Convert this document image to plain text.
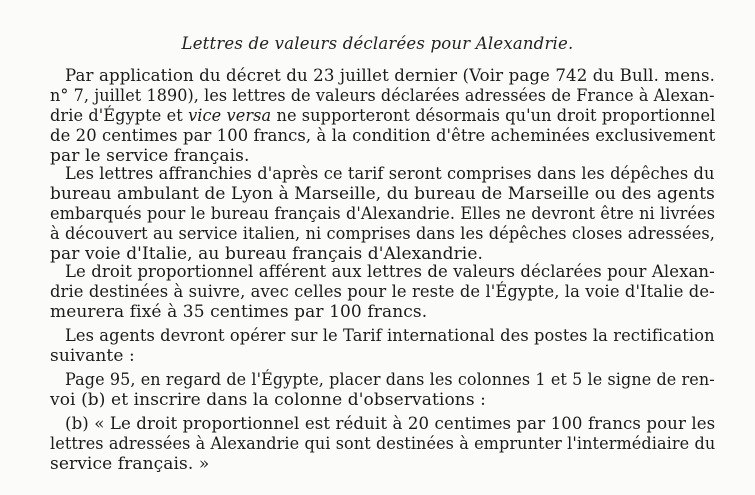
Lettres de valeurs déclarées pour Alexandrie.
Par application du décret du 23 juillet dernier (Voir page 742 du Bull. mens.
n° 7, juillet 1890), les lettres de valeurs déclarées adressées de France à Alexan-
drie d'Égypte et vice versa ne supporteront désormais qu'un droit proportionnel
de 20 centimes par 100 francs, à la condition d'être acheminées exclusivement
par le service français.
Les lettres affranchies d'après ce tarif seront comprises dans les dépêches du
bureau ambulant de Lyon à Marseille, du bureau de Marseille ou des agents
embarqués pour le bureau français d'Alexandrie. Elles ne devront être ni livrées
à découvert au service italien, ni comprises dans les dépêches closes adressées,
par voie d'Italie, au bureau français d'Alexandrie.
Le droit proportionnel afférent aux lettres de valeurs déclarées pour Alexan-
drie destinées à suivre, avec celles pour le reste de l'Égypte, la voie d'Italie de-
meurera fixé à 35 centimes par 100 francs.
Les agents devront opérer sur le Tarif international des postes la rectification
suivante :
Page 95, en regard de l'Égypte, placer dans les colonnes 1 et 5 le signe de ren-
voi (b) et inscrire dans la colonne d'observations :
(b) « Le droit proportionnel est réduit à 20 centimes par 100 francs pour les
lettres adressées à Alexandrie qui sont destinées à emprunter l'intermédiaire du
service français. »
